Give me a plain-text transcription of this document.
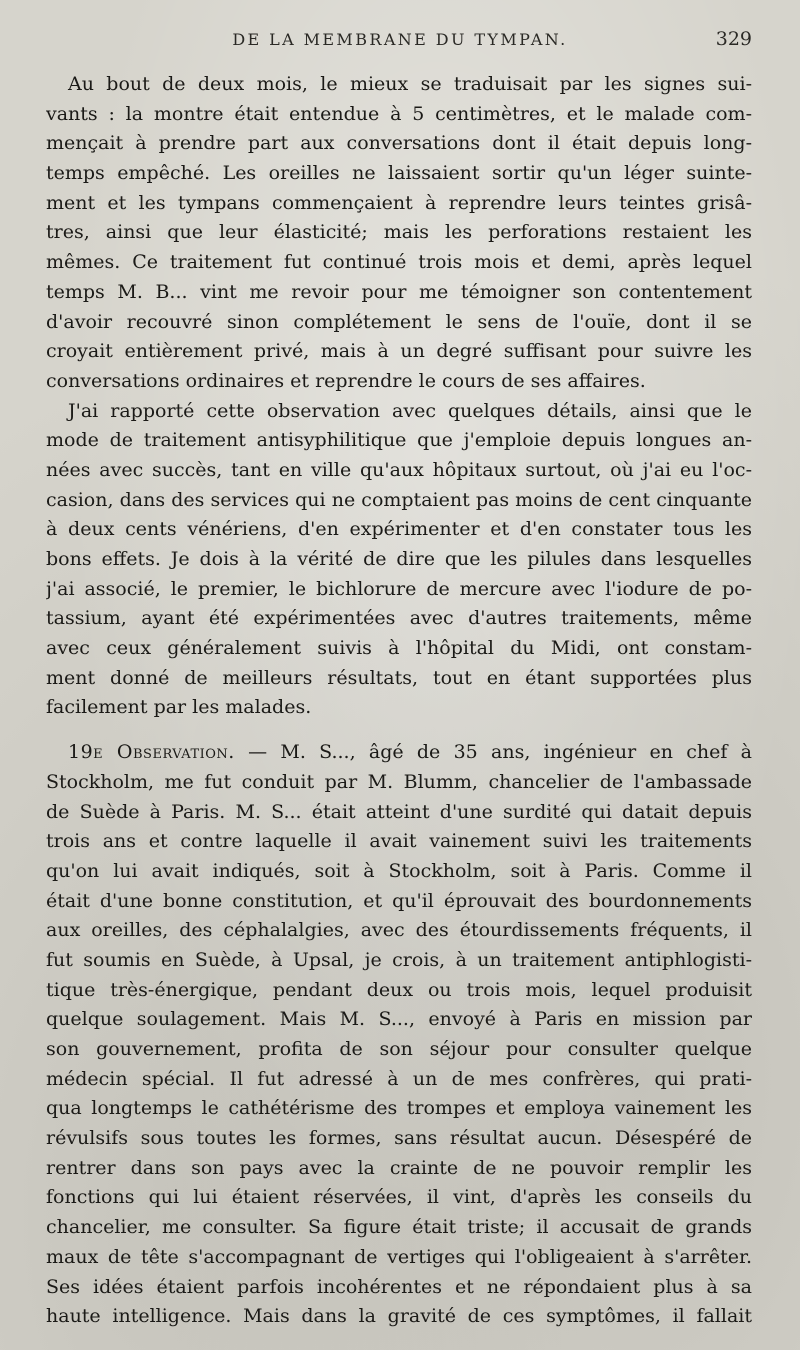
DE LA MEMBRANE DU TYMPAN.	329
Au bout de deux mois, le mieux se traduisait par les signes sui-
vants : la montre était entendue à 5 centimètres, et le malade com-
mençait à prendre part aux conversations dont il était depuis long-
temps empêché. Les oreilles ne laissaient sortir qu'un léger suinte-
ment et les tympans commençaient à reprendre leurs teintes grisâ-
tres, ainsi que leur élasticité; mais les perforations restaient les
mêmes. Ce traitement fut continué trois mois et demi, après lequel
temps M. B... vint me revoir pour me témoigner son contentement
d'avoir recouvré sinon complétement le sens de l'ouïe, dont il se
croyait entièrement privé, mais à un degré suffisant pour suivre les
conversations ordinaires et reprendre le cours de ses affaires.
J'ai rapporté cette observation avec quelques détails, ainsi que le
mode de traitement antisyphilitique que j'emploie depuis longues an-
nées avec succès, tant en ville qu'aux hôpitaux surtout, où j'ai eu l'oc-
casion, dans des services qui ne comptaient pas moins de cent cinquante
à deux cents vénériens, d'en expérimenter et d'en constater tous les
bons effets. Je dois à la vérité de dire que les pilules dans lesquelles
j'ai associé, le premier, le bichlorure de mercure avec l'iodure de po-
tassium, ayant été expérimentées avec d'autres traitements, même
avec ceux généralement suivis à l'hôpital du Midi, ont constam-
ment donné de meilleurs résultats, tout en étant supportées plus
facilement par les malades.
19e Observation. — M. S..., âgé de 35 ans, ingénieur en chef à
Stockholm, me fut conduit par M. Blumm, chancelier de l'ambassade
de Suède à Paris. M. S... était atteint d'une surdité qui datait depuis
trois ans et contre laquelle il avait vainement suivi les traitements
qu'on lui avait indiqués, soit à Stockholm, soit à Paris. Comme il
était d'une bonne constitution, et qu'il éprouvait des bourdonnements
aux oreilles, des céphalalgies, avec des étourdissements fréquents, il
fut soumis en Suède, à Upsal, je crois, à un traitement antiphlogisti-
tique très-énergique, pendant deux ou trois mois, lequel produisit
quelque soulagement. Mais M. S..., envoyé à Paris en mission par
son gouvernement, profita de son séjour pour consulter quelque
médecin spécial. Il fut adressé à un de mes confrères, qui prati-
qua longtemps le cathétérisme des trompes et employa vainement les
révulsifs sous toutes les formes, sans résultat aucun. Désespéré de
rentrer dans son pays avec la crainte de ne pouvoir remplir les
fonctions qui lui étaient réservées, il vint, d'après les conseils du
chancelier, me consulter. Sa figure était triste; il accusait de grands
maux de tête s'accompagnant de vertiges qui l'obligeaient à s'arrêter.
Ses idées étaient parfois incohérentes et ne répondaient plus à sa
haute intelligence. Mais dans la gravité de ces symptômes, il fallait
